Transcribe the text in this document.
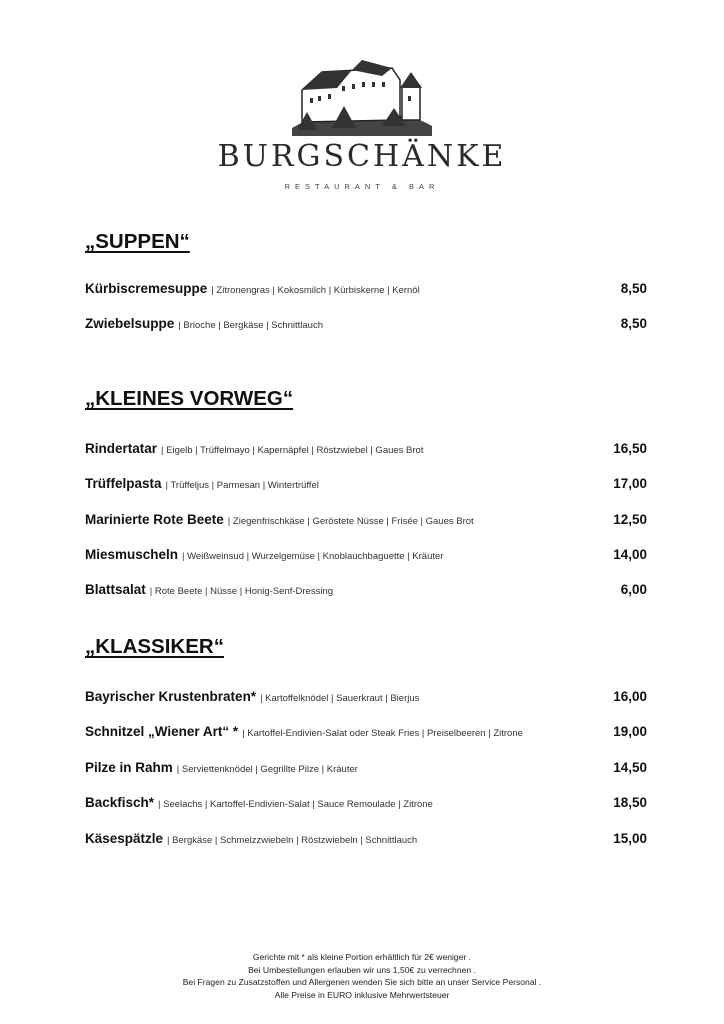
BURGSCHÄNKE
RESTAURANT & BAR
„SUPPEN“
Kürbiscremesuppe | Zitronengras | Kokosmilch | Kürbiskerne | Kernöl	8,50
Zwiebelsuppe | Brioche | Bergkäse | Schnittlauch	8,50
„KLEINES VORWEG“
Rindertatar | Eigelb | Trüffelmayo | Kapernäpfel | Röstzwiebel | Gaues Brot	16,50
Trüffelpasta | Trüffeljus | Parmesan | Wintertrüffel	17,00
Marinierte Rote Beete | Ziegenfrischkäse | Geröstete Nüsse | Frisée | Gaues Brot	12,50
Miesmuscheln | Weißweinsud | Wurzelgemüse | Knoblauchbaguette | Kräuter	14,00
Blattsalat | Rote Beete | Nüsse | Honig-Senf-Dressing	6,00
„KLASSIKER“
Bayrischer Krustenbraten* | Kartoffelknödel | Sauerkraut | Bierjus	16,00
Schnitzel „Wiener Art“ * | Kartoffel-Endivien-Salat oder Steak Fries | Preiselbeeren | Zitrone	19,00
Pilze in Rahm | Serviettenknödel | Gegrillte Pilze | Kräuter	14,50
Backfisch* | Seelachs | Kartoffel-Endivien-Salat | Sauce Remoulade | Zitrone	18,50
Käsespätzle | Bergkäse | Schmelzzwiebeln | Röstzwiebeln | Schnittlauch	15,00
Gerichte mit * als kleine Portion erhältlich für 2€ weniger .
Bei Umbestellungen erlauben wir uns 1,50€ zu verrechnen .
Bei Fragen zu Zusatzstoffen und Allergenen wenden Sie sich bitte an unser Service Personal .
Alle Preise in EURO inklusive Mehrwertsteuer
